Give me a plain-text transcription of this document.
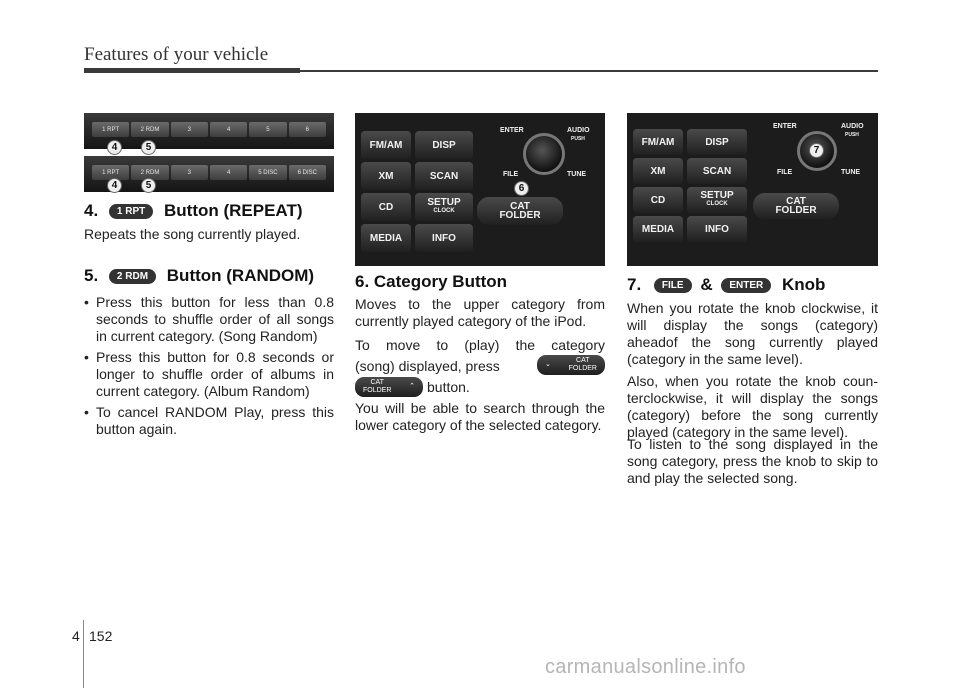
Features of your vehicle
1 RPT	2 RDM	3	4	5	6
4	5
1 RPT	2 RDM	3	4	5 DISC	6 DISC
4	5
4. 1 RPT Button (REPEAT)
Repeats the song currently played.
5. 2 RDM Button (RANDOM)
• Press this button for less than 0.8 seconds to shuffle order of all songs in current category. (Song Random)
• Press this button for 0.8 seconds or longer to shuffle order of albums in current category. (Album Random)
• To cancel RANDOM Play, press this button again.
FM/AM	DISP
XM	SCAN
CD	SETUP
CLOCK
MEDIA	INFO
ENTER	AUDIO
PUSH
FILE	TUNE
6
CAT
FOLDER
6. Category Button
Moves to the upper category from currently played category of the iPod.
To move to (play) the category
(song) displayed, press	⌄
CAT
FOLDER
CAT
FOLDER
⌃ button.
You will be able to search through the lower category of the selected category.
FM/AM	DISP
XM	SCAN
CD	SETUP
CLOCK
MEDIA	INFO
ENTER	AUDIO
PUSH
7
FILE	TUNE
CAT
FOLDER
7. FILE & ENTER Knob
When you rotate the knob clockwise, it will display the songs (category) aheadof the song currently played (category in the same level).
Also, when you rotate the knob coun-terclockwise, it will display the songs (category) before the song currently played (category in the same level).
To listen to the song displayed in the song category, press the knob to skip to and play the selected song.
4 152
carmanualsonline.info
